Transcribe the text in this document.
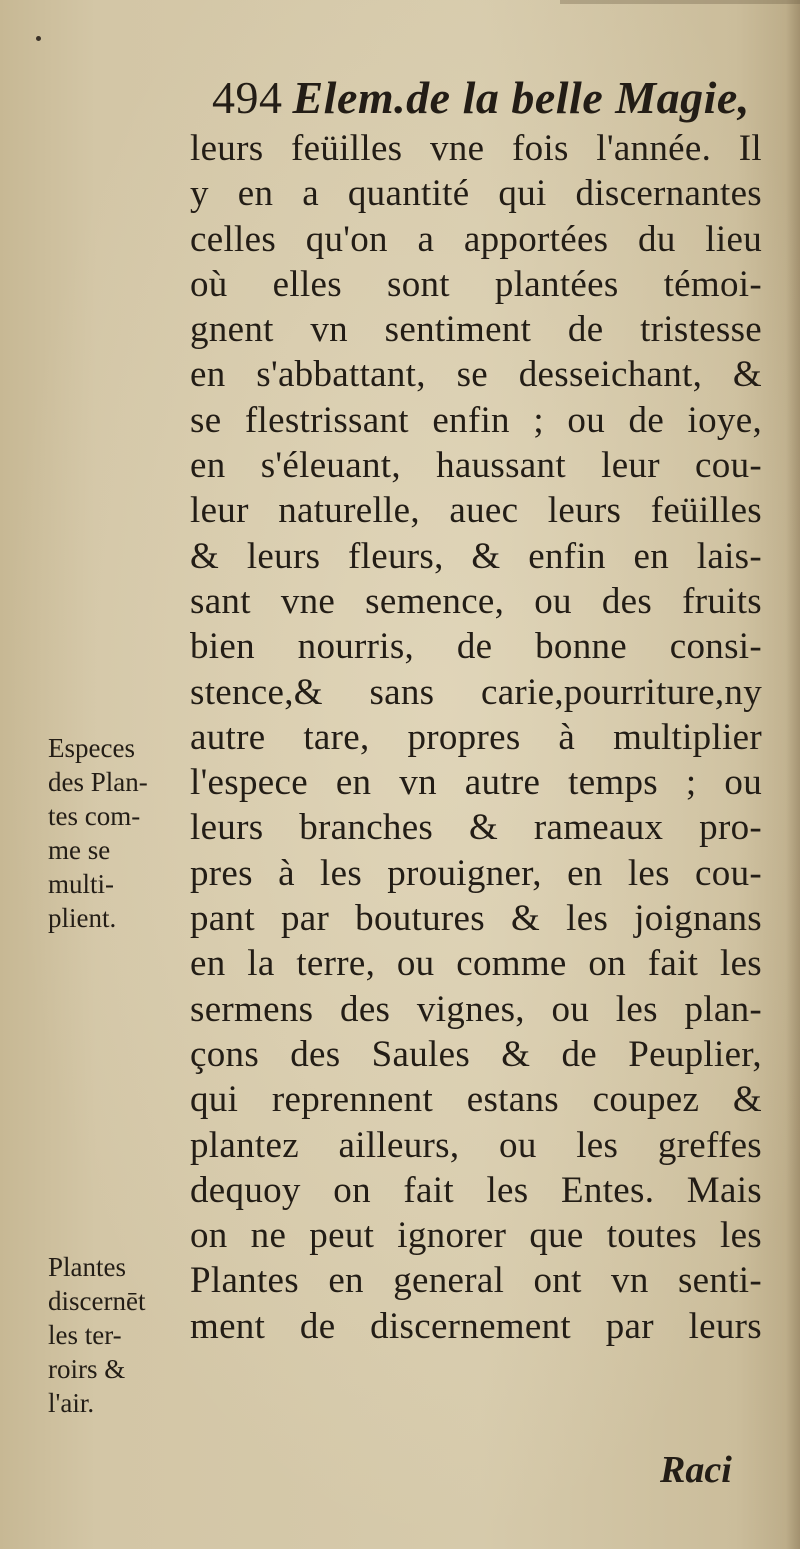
494 Elem.de la belle Magie,
leurs feüilles vne fois l'année. Il
y en a quantité qui discernantes
celles qu'on a apportées du lieu
où elles sont plantées témoi-
gnent vn sentiment de tristesse
en s'abbattant, se desseichant, &
se flestrissant enfin ; ou de ioye,
en s'éleuant, haussant leur cou-
leur naturelle, auec leurs feüilles
& leurs fleurs, & enfin en lais-
sant vne semence, ou des fruits
bien nourris, de bonne consi-
stence,& sans carie,pourriture,ny
autre tare, propres à multiplier
l'espece en vn autre temps ; ou
leurs branches & rameaux pro-
pres à les prouigner, en les cou-
pant par boutures & les joignans
en la terre, ou comme on fait les
sermens des vignes, ou les plan-
çons des Saules & de Peuplier,
qui reprennent estans coupez &
plantez ailleurs, ou les greffes
dequoy on fait les Entes. Mais
on ne peut ignorer que toutes les
Plantes en general ont vn senti-
ment de discernement par leurs
Especes
des Plan-
tes com-
me se
multi-
plient.
Plantes
discernēt
les ter-
roirs &
l'air.
Raci
